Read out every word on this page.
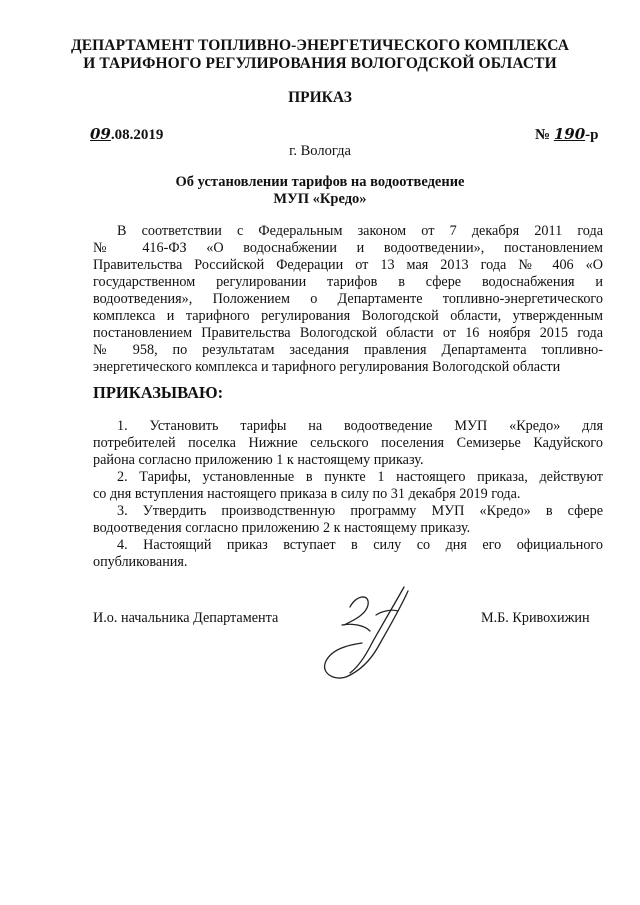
ДЕПАРТАМЕНТ ТОПЛИВНО-ЭНЕРГЕТИЧЕСКОГО КОМПЛЕКСА
И ТАРИФНОГО РЕГУЛИРОВАНИЯ ВОЛОГОДСКОЙ ОБЛАСТИ
ПРИКАЗ
09.08.2019	№ 190-р
г. Вологда
Об установлении тарифов на водоотведение
МУП «Кредо»
В соответствии с Федеральным законом от 7 декабря 2011 года
№ 416-ФЗ «О водоснабжении и водоотведении», постановлением
Правительства Российской Федерации от 13 мая 2013 года № 406 «О
государственном регулировании тарифов в сфере водоснабжения и
водоотведения», Положением о Департаменте топливно-энергетического
комплекса и тарифного регулирования Вологодской области, утвержденным
постановлением Правительства Вологодской области от 16 ноября 2015 года
№ 958, по результатам заседания правления Департамента топливно-
энергетического комплекса и тарифного регулирования Вологодской области
ПРИКАЗЫВАЮ:
1. Установить тарифы на водоотведение МУП «Кредо» для
потребителей поселка Нижние сельского поселения Семизерье Кадуйского
района согласно приложению 1 к настоящему приказу.
2. Тарифы, установленные в пункте 1 настоящего приказа, действуют
со дня вступления настоящего приказа в силу по 31 декабря 2019 года.
3. Утвердить производственную программу МУП «Кредо» в сфере
водоотведения согласно приложению 2 к настоящему приказу.
4. Настоящий приказ вступает в силу со дня его официального
опубликования.
И.о. начальника Департамента	М.Б. Кривохижин
